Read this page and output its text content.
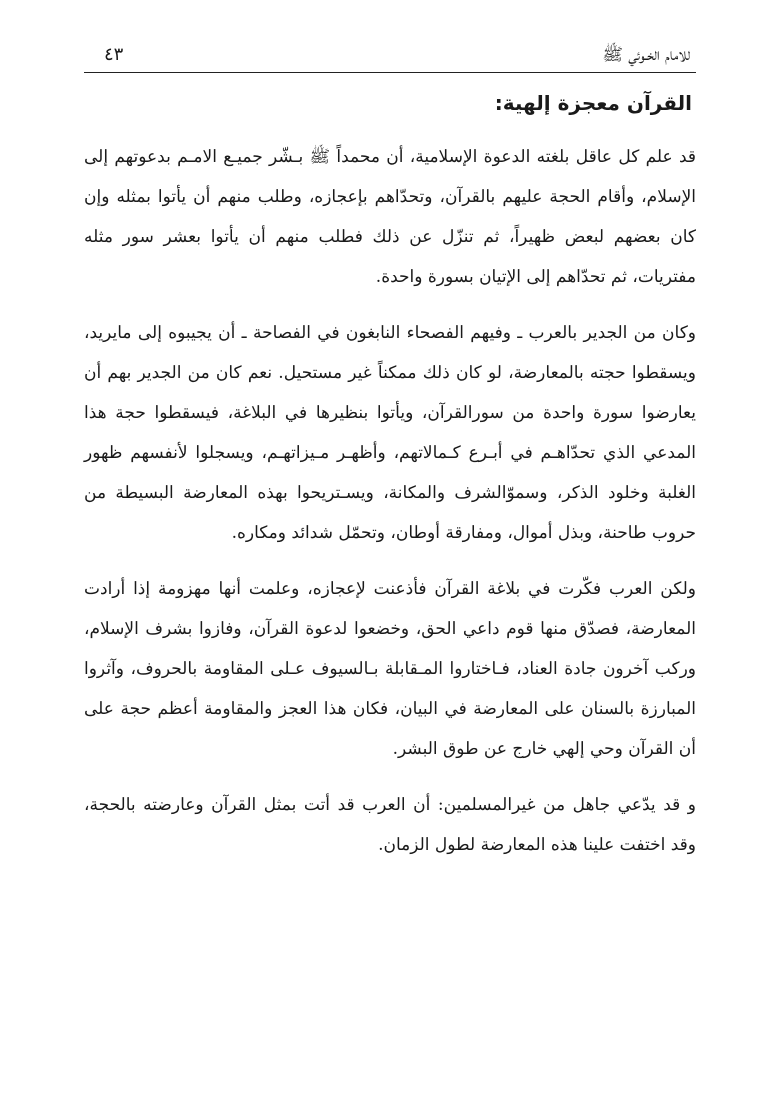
للامام الخـوئي ﷺ
٤٣
القرآن معجزة إلهية:

قد علم كل عاقل بلغته الدعوة الإسلامية، أن محمداً ﷺ بـشّر جميـع الامـم بدعوتهم إلى الإسلام، وأقام الحجة عليهم بالقرآن، وتحدّاهم بإعجازه، وطلب منهم أن يأتوا بمثله وإن كان بعضهم لبعض ظهيراً، ثم تنزّل عن ذلك فطلب منهم أن يأتوا بعشر سور مثله مفتريات، ثم تحدّاهم إلى الإتيان بسورة واحدة.

وكان من الجدير بالعرب ـ وفيهم الفصحاء النابغون في الفصاحة ـ أن يجيبوه إلى مايريد، ويسقطوا حجته بالمعارضة، لو كان ذلك ممكناً غير مستحيل. نعم كان من الجدير بهم أن يعارضوا سورة واحدة من سورالقرآن، ويأتوا بنظيرها في البلاغة، فيسقطوا حجة هذا المدعي الذي تحدّاهـم في أبـرع كـمالاتهم، وأظهـر مـيزاتهـم، ويسجلوا لأنفسهم ظهور الغلبة وخلود الذكر، وسموّالشرف والمكانة، ويسـتريحوا بهذه المعارضة البسيطة من حروب طاحنة، وبذل أموال، ومفارقة أوطان، وتحمّل شدائد ومكاره.

ولكن العرب فكّرت في بلاغة القرآن فأذعنت لإعجازه، وعلمت أنها مهزومة إذا أرادت المعارضة، فصدّق منها قوم داعي الحق، وخضعوا لدعوة القرآن، وفازوا بشرف الإسلام، وركب آخرون جادة العناد، فـاختاروا المـقابلة بـالسيوف عـلى المقاومة بالحروف، وآثروا المبارزة بالسنان على المعارضة في البيان، فكان هذا العجز والمقاومة أعظم حجة على أن القرآن وحي إلهي خارج عن طوق البشر.

و قد يدّعي جاهل من غيرالمسلمين: أن العرب قد أتت بمثل القرآن وعارضته بالحجة، وقد اختفت علينا هذه المعارضة لطول الزمان.
